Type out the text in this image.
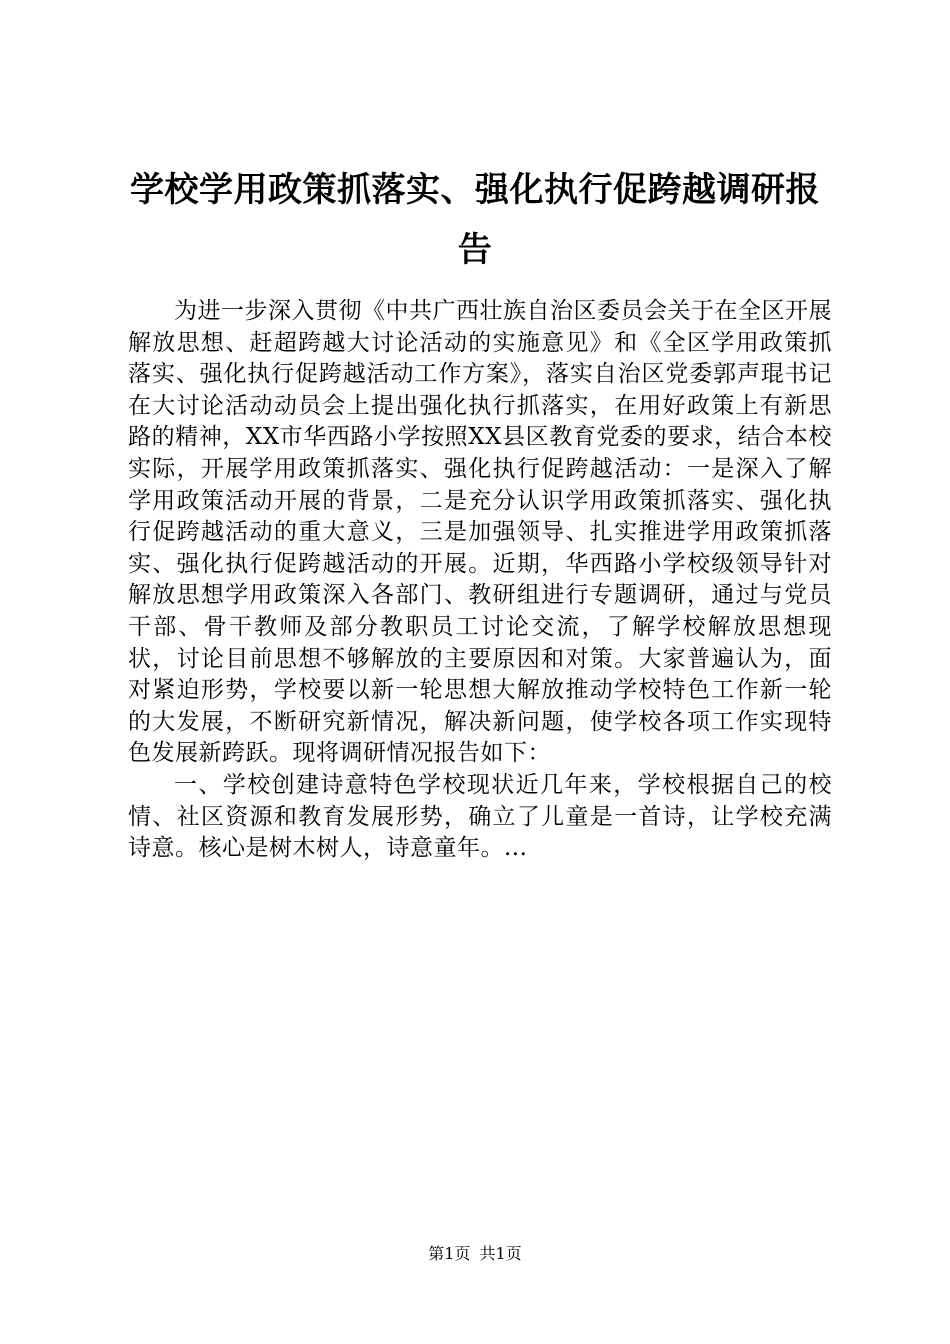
学校学用政策抓落实、强化执行促跨越调研报告

为进一步深入贯彻《中共广西壮族自治区委员会关于在全区开展解放思想、赶超跨越大讨论活动的实施意见》和《全区学用政策抓落实、强化执行促跨越活动工作方案》，落实自治区党委郭声琨书记在大讨论活动动员会上提出强化执行抓落实，在用好政策上有新思路的精神，XX市华西路小学按照XX县区教育党委的要求，结合本校实际，开展学用政策抓落实、强化执行促跨越活动：一是深入了解学用政策活动开展的背景，二是充分认识学用政策抓落实、强化执行促跨越活动的重大意义，三是加强领导、扎实推进学用政策抓落实、强化执行促跨越活动的开展。近期，华西路小学校级领导针对解放思想学用政策深入各部门、教研组进行专题调研，通过与党员干部、骨干教师及部分教职员工讨论交流，了解学校解放思想现状，讨论目前思想不够解放的主要原因和对策。大家普遍认为，面对紧迫形势，学校要以新一轮思想大解放推动学校特色工作新一轮的大发展，不断研究新情况，解决新问题，使学校各项工作实现特色发展新跨跃。现将调研情况报告如下：

一、学校创建诗意特色学校现状近几年来，学校根据自己的校情、社区资源和教育发展形势，确立了儿童是一首诗，让学校充满诗意。核心是树木树人，诗意童年。...

第1页 共1页
